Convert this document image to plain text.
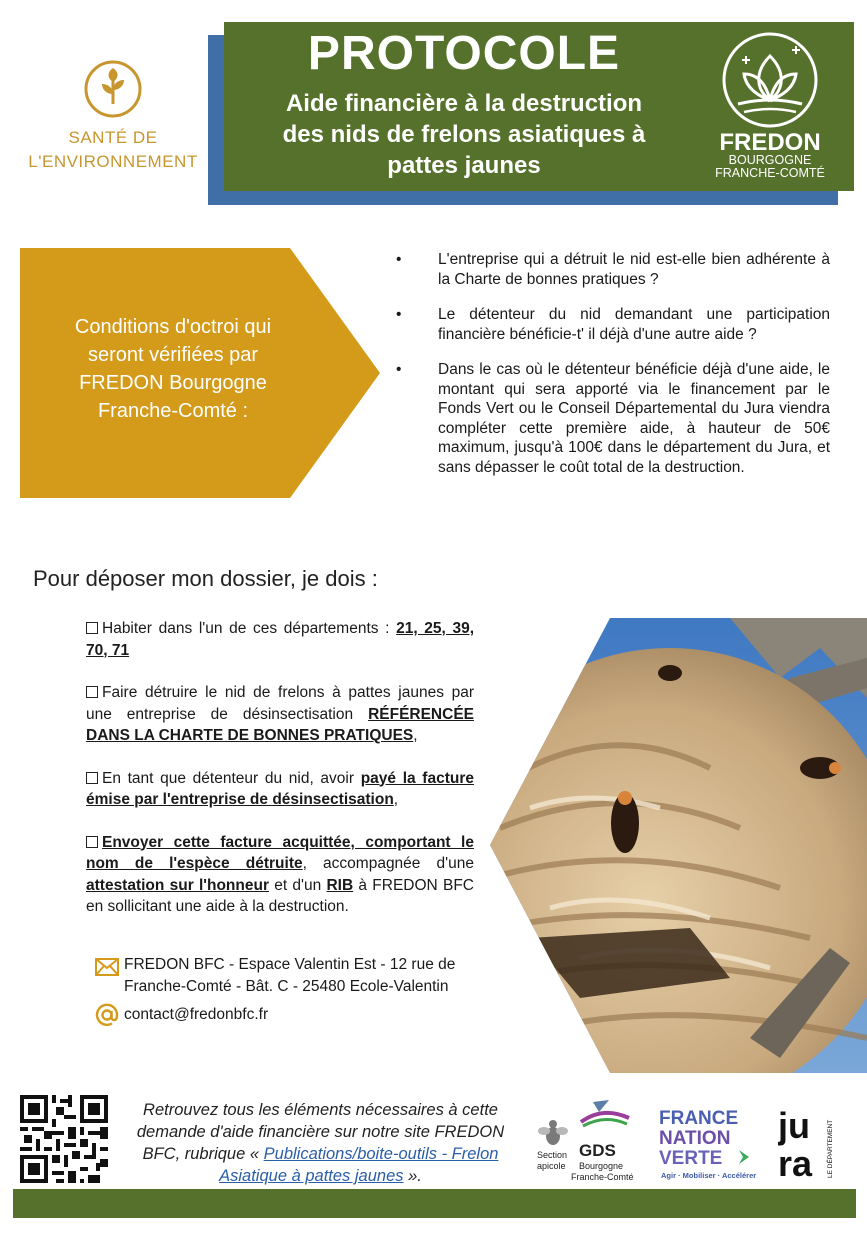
PROTOCOLE
Aide financière à la destruction
des nids de frelons asiatiques à
pattes jaunes
FREDON
BOURGOGNE
FRANCHE-COMTÉ
SANTÉ DE
L'ENVIRONNEMENT
Conditions d'octroi qui
seront vérifiées par
FREDON Bourgogne
Franche-Comté :
• L'entreprise qui a détruit le nid est-elle bien adhérente à la Charte de bonnes pratiques ?
• Le détenteur du nid demandant une participation financière bénéficie-t' il déjà d'une autre aide ?
• Dans le cas où le détenteur bénéficie déjà d'une aide, le montant qui sera apporté via le financement par le Fonds Vert ou le Conseil Départemental du Jura viendra compléter cette première aide, à hauteur de 50€ maximum, jusqu'à 100€ dans le département du Jura, et sans dépasser le coût total de la destruction.
Pour déposer mon dossier, je dois :
Habiter dans l'un de ces départements : 21, 25, 39, 70, 71
Faire détruire le nid de frelons à pattes jaunes par une entreprise de désinsectisation RÉFÉRENCÉE DANS LA CHARTE DE BONNES PRATIQUES,
En tant que détenteur du nid, avoir payé la facture émise par l'entreprise de désinsectisation,
Envoyer cette facture acquittée, comportant le nom de l'espèce détruite, accompagnée d'une attestation sur l'honneur et d'un RIB à FREDON BFC en sollicitant une aide à la destruction.
FREDON BFC - Espace Valentin Est - 12 rue de Franche-Comté - Bât. C - 25480 Ecole-Valentin
contact@fredonbfc.fr
Retrouvez tous les éléments nécessaires à cette demande d'aide financière sur notre site FREDON BFC, rubrique « Publications/boite-outils - Frelon Asiatique à pattes jaunes ».
Section
apicole
GDS
Bourgogne
Franche-Comté
FRANCE
NATION
VERTE
Agir · Mobiliser · Accélérer
ju
ra	LE DÉPARTEMENT
